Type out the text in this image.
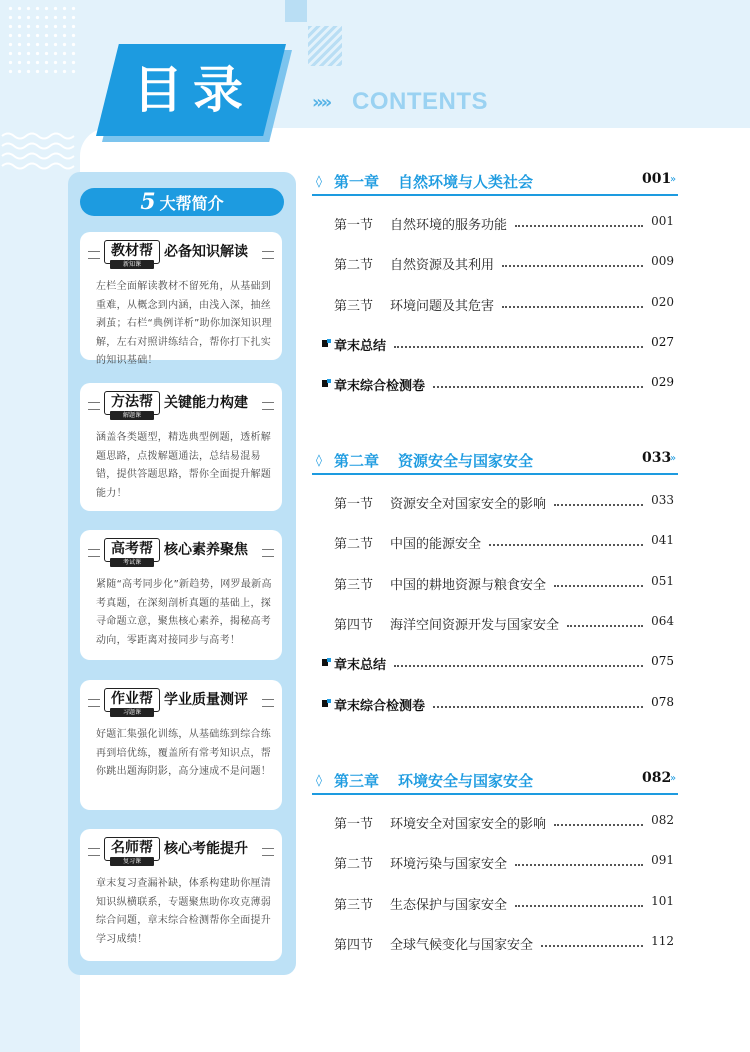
目录	»» CONTENTS
5 大帮简介
教材帮
新知课
必备知识解读
左栏全面解读教材不留死角，从基础到重难，从概念到内涵，由浅入深，抽丝剥茧；右栏“典例详析”助你加深知识理解，左右对照讲练结合，帮你打下扎实的知识基础！
方法帮
解题课
关键能力构建
涵盖各类题型，精选典型例题，透析解题思路，点拨解题通法，总结易混易错，提供答题思路，帮你全面提升解题能力！
高考帮
考试课
核心素养聚焦
紧随“高考同步化”新趋势，网罗最新高考真题，在深刻剖析真题的基础上，探寻命题立意，聚焦核心素养，揭秘高考动向，零距离对接同步与高考！
作业帮
习题课
学业质量测评
好题汇集强化训练，从基础练到综合练再到培优练，覆盖所有常考知识点，帮你跳出题海阴影，高分速成不是问题！
名师帮
复习课
核心考能提升
章末复习查漏补缺，体系构建助你厘清知识纵横联系，专题聚焦助你攻克薄弱综合问题，章末综合检测帮你全面提升学习成绩！
◊ 第一章 自然环境与人类社会	001
»
第一节 自然环境的服务功能	001
第二节 自然资源及其利用	009
第三节 环境问题及其危害	020
章末总结	027
章末综合检测卷	029
◊ 第二章 资源安全与国家安全	033
»
第一节 资源安全对国家安全的影响	033
第二节 中国的能源安全	041
第三节 中国的耕地资源与粮食安全	051
第四节 海洋空间资源开发与国家安全	064
章末总结	075
章末综合检测卷	078
◊ 第三章 环境安全与国家安全	082
»
第一节 环境安全对国家安全的影响	082
第二节 环境污染与国家安全	091
第三节 生态保护与国家安全	101
第四节 全球气候变化与国家安全	112
